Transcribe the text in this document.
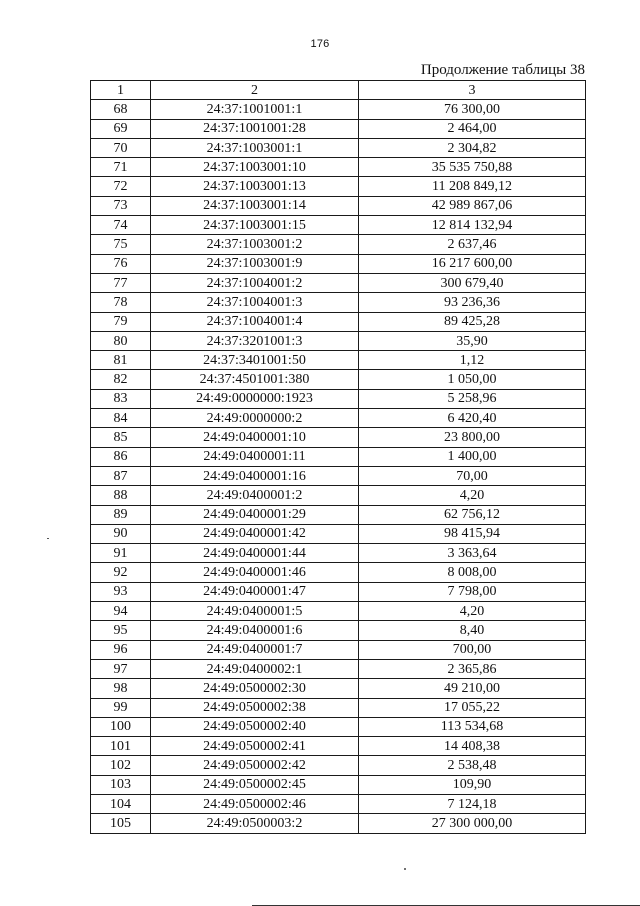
176
Продолжение таблицы 38
1	2	3
68	24:37:1001001:1	76 300,00
69	24:37:1001001:28	2 464,00
70	24:37:1003001:1	2 304,82
71	24:37:1003001:10	35 535 750,88
72	24:37:1003001:13	11 208 849,12
73	24:37:1003001:14	42 989 867,06
74	24:37:1003001:15	12 814 132,94
75	24:37:1003001:2	2 637,46
76	24:37:1003001:9	16 217 600,00
77	24:37:1004001:2	300 679,40
78	24:37:1004001:3	93 236,36
79	24:37:1004001:4	89 425,28
80	24:37:3201001:3	35,90
81	24:37:3401001:50	1,12
82	24:37:4501001:380	1 050,00
83	24:49:0000000:1923	5 258,96
84	24:49:0000000:2	6 420,40
85	24:49:0400001:10	23 800,00
86	24:49:0400001:11	1 400,00
87	24:49:0400001:16	70,00
88	24:49:0400001:2	4,20
89	24:49:0400001:29	62 756,12
90	24:49:0400001:42	98 415,94
91	24:49:0400001:44	3 363,64
92	24:49:0400001:46	8 008,00
93	24:49:0400001:47	7 798,00
94	24:49:0400001:5	4,20
95	24:49:0400001:6	8,40
96	24:49:0400001:7	700,00
97	24:49:0400002:1	2 365,86
98	24:49:0500002:30	49 210,00
99	24:49:0500002:38	17 055,22
100	24:49:0500002:40	113 534,68
101	24:49:0500002:41	14 408,38
102	24:49:0500002:42	2 538,48
103	24:49:0500002:45	109,90
104	24:49:0500002:46	7 124,18
105	24:49:0500003:2	27 300 000,00
